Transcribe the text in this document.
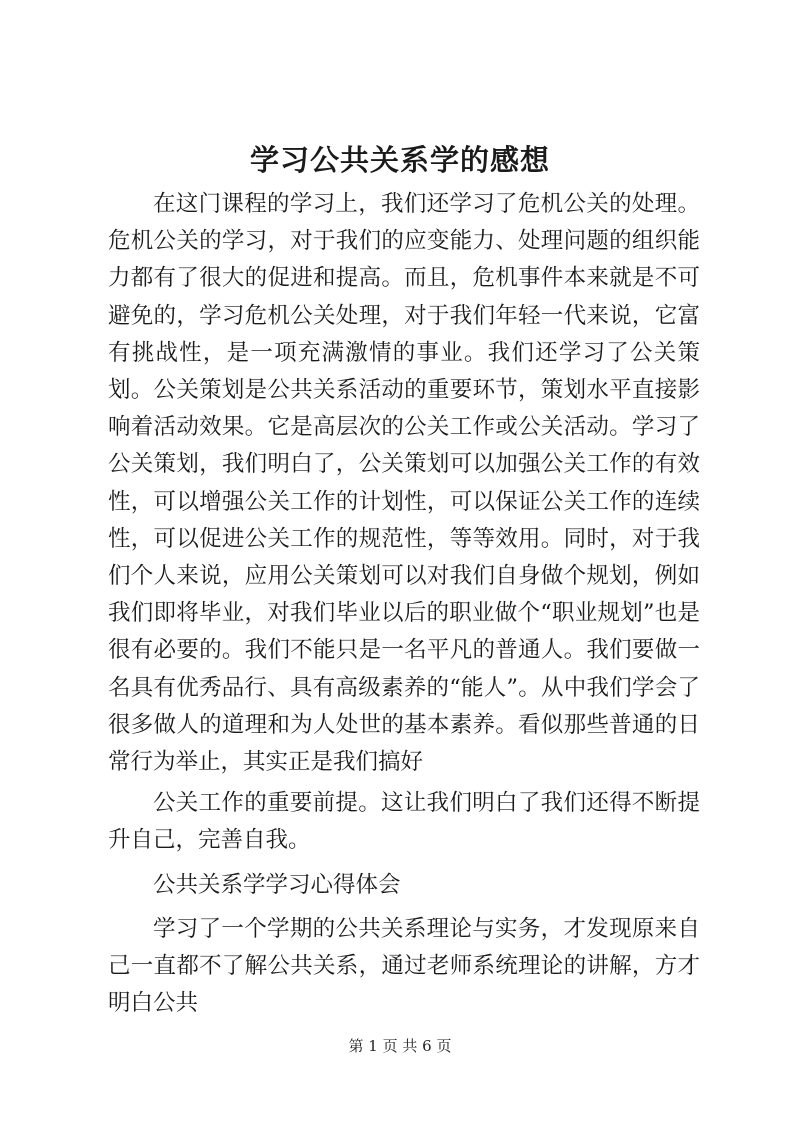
学习公共关系学的感想

在这门课程的学习上，我们还学习了危机公关的处理。危机公关的学习，对于我们的应变能力、处理问题的组织能力都有了很大的促进和提高。而且，危机事件本来就是不可避免的，学习危机公关处理，对于我们年轻一代来说，它富有挑战性，是一项充满激情的事业。我们还学习了公关策划。公关策划是公共关系活动的重要环节，策划水平直接影响着活动效果。它是高层次的公关工作或公关活动。学习了公关策划，我们明白了，公关策划可以加强公关工作的有效性，可以增强公关工作的计划性，可以保证公关工作的连续性，可以促进公关工作的规范性，等等效用。同时，对于我们个人来说，应用公关策划可以对我们自身做个规划，例如我们即将毕业，对我们毕业以后的职业做个“职业规划”也是很有必要的。我们不能只是一名平凡的普通人。我们要做一名具有优秀品行、具有高级素养的“能人”。从中我们学会了很多做人的道理和为人处世的基本素养。看似那些普通的日常行为举止，其实正是我们搞好

公关工作的重要前提。这让我们明白了我们还得不断提升自己，完善自我。

公共关系学学习心得体会

学习了一个学期的公共关系理论与实务，才发现原来自己一直都不了解公共关系，通过老师系统理论的讲解，方才明白公共

第 1 页 共 6 页
